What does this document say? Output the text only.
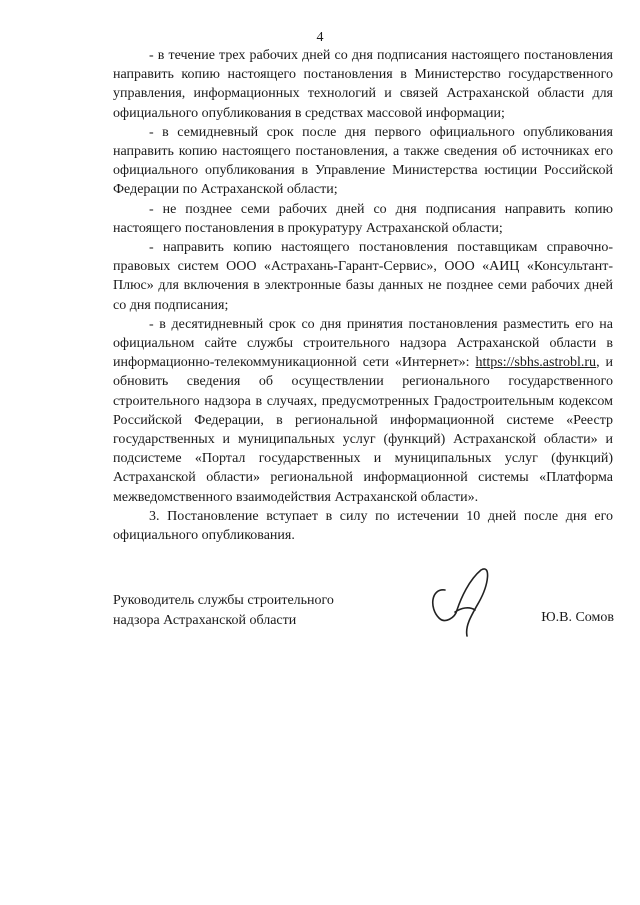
4

- в течение трех рабочих дней со дня подписания настоящего постановления направить копию настоящего постановления в Министерство государственного управления, информационных технологий и связей Астраханской области для официального опубликования в средствах массовой информации;

- в семидневный срок после дня первого официального опубликования направить копию настоящего постановления, а также сведения об источниках его официального опубликования в Управление Министерства юстиции Российской Федерации по Астраханской области;

- не позднее семи рабочих дней со дня подписания направить копию настоящего постановления в прокуратуру Астраханской области;

- направить копию настоящего постановления поставщикам справочно-правовых систем ООО «Астрахань-Гарант-Сервис», ООО «АИЦ «Консультант-Плюс» для включения в электронные базы данных не позднее семи рабочих дней со дня подписания;

- в десятидневный срок со дня принятия постановления разместить его на официальном сайте службы строительного надзора Астраханской области в информационно-телекоммуникационной сети «Интернет»: https://sbhs.astrobl.ru, и обновить сведения об осуществлении регионального государственного строительного надзора в случаях, предусмотренных Градостроительным кодексом Российской Федерации, в региональной информационной системе «Реестр государственных и муниципальных услуг (функций) Астраханской области» и подсистеме «Портал государственных и муниципальных услуг (функций) Астраханской области» региональной информационной системы «Платформа межведомственного взаимодействия Астраханской области».

3. Постановление вступает в силу по истечении 10 дней после дня его официального опубликования.

Руководитель службы строительного
надзора Астраханской области	Ю.В. Сомов
